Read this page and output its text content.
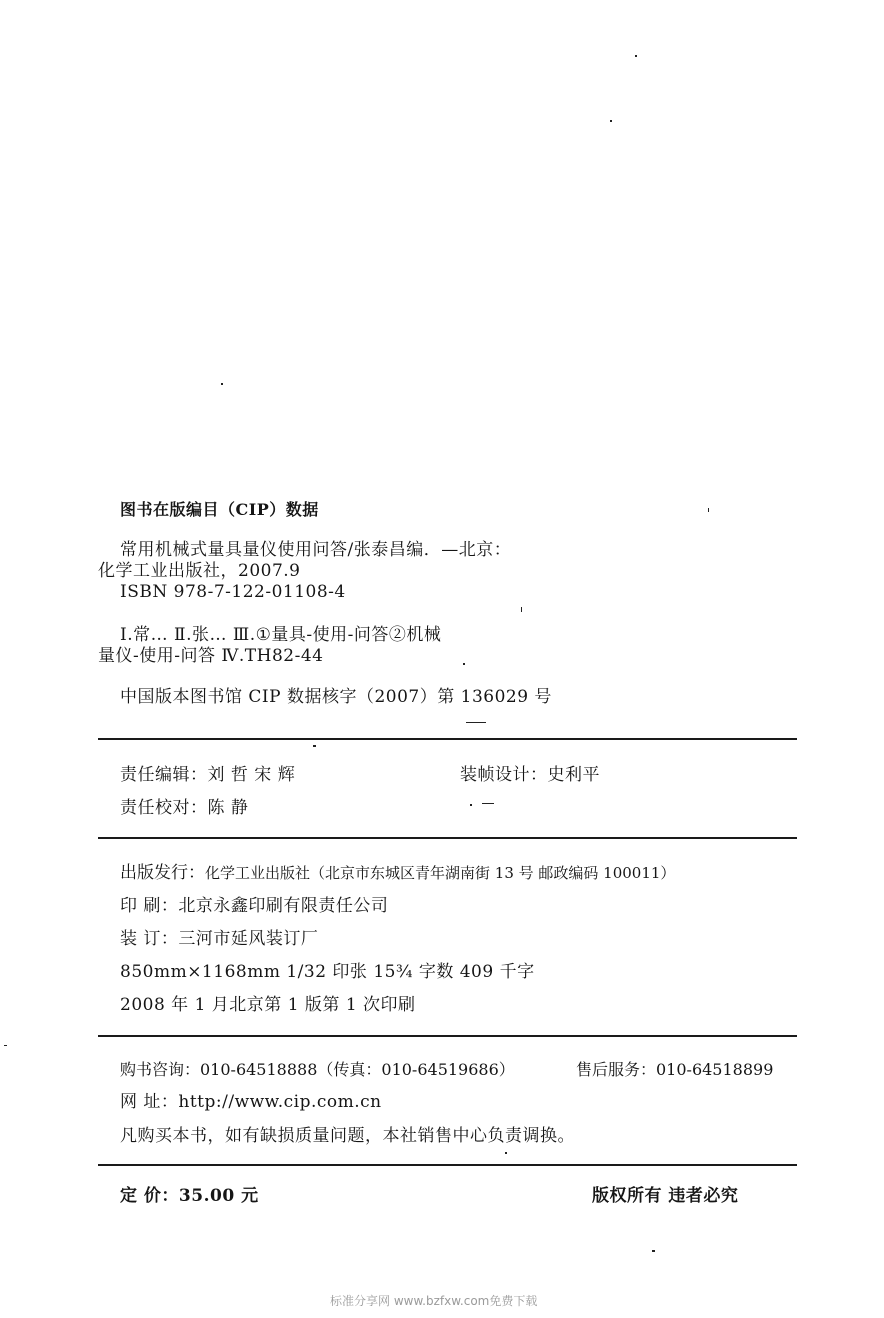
图书在版编目（CIP）数据
常用机械式量具量仪使用问答/张泰昌编．—北京：
化学工业出版社，2007.9
ISBN 978-7-122-01108-4
Ⅰ.常… Ⅱ.张… Ⅲ.①量具-使用-问答②机械
量仪-使用-问答 Ⅳ.TH82-44
中国版本图书馆 CIP 数据核字（2007）第 136029 号
责任编辑：刘 哲 宋 辉	装帧设计：史利平
责任校对：陈 静
出版发行：化学工业出版社（北京市东城区青年湖南街 13 号 邮政编码 100011）
印 刷：北京永鑫印刷有限责任公司
装 订：三河市延风装订厂
850mm×1168mm 1/32 印张 15¾ 字数 409 千字
2008 年 1 月北京第 1 版第 1 次印刷
购书咨询：010-64518888（传真：010-64519686）	售后服务：010-64518899
网 址：http://www.cip.com.cn
凡购买本书，如有缺损质量问题，本社销售中心负责调换。
定 价：35.00 元	版权所有 违者必究
标准分享网 www.bzfxw.com免费下载
